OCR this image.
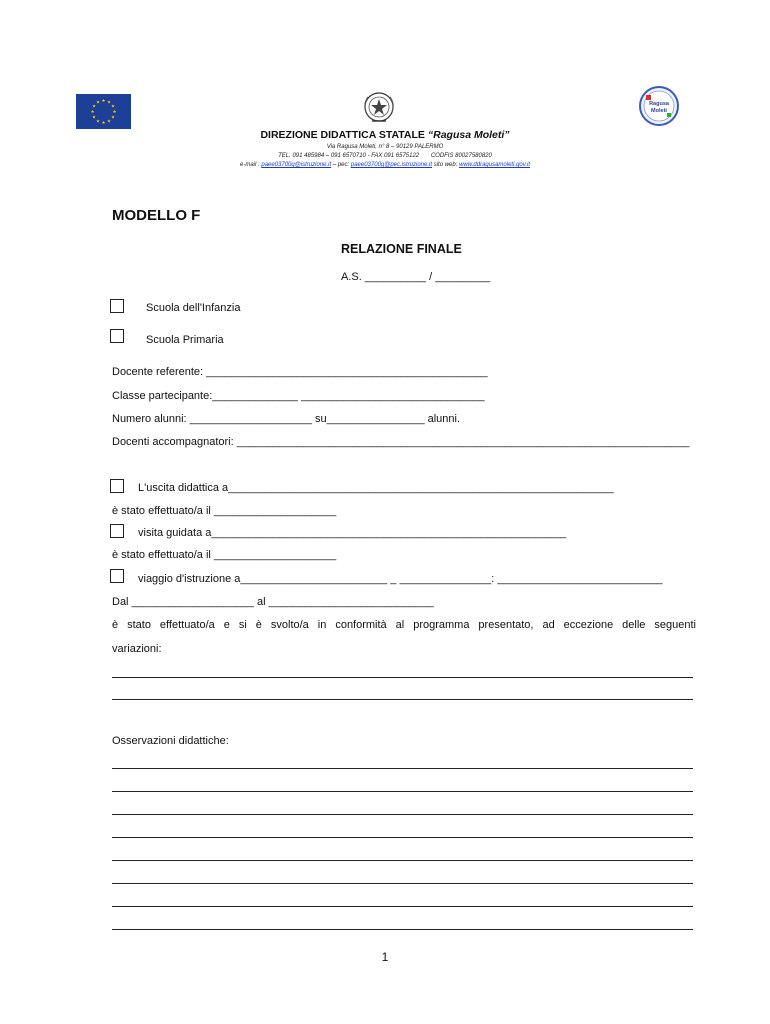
★ ★
★
★
★
★
★
★
★
★
★
★	Ragusa
Moleti
DIREZIONE DIDATTICA STATALE “Ragusa Moleti”
Via Ragusa Moleti, n° 8 – 90129 PALERMO
TEL. 091 485984 – 091 6570710 - FAX 091 6575122 CODFIS 80027580820
e-mail : paee03700g@istruzione.it – pec: paee03700g@pec.istruzione.it sito web: www.ddragusamoleti.gov.it
MODELLO F
RELAZIONE FINALE
A.S. __________ / _________
Scuola dell'Infanzia
Scuola Primaria
Docente referente: ______________________________________________
Classe partecipante:______________ ______________________________
Numero alunni: ____________________ su________________ alunni.
Docenti accompagnatori: __________________________________________________________________________
L'uscita didattica a_______________________________________________________________
è stato effettuato/a il ____________________
visita guidata a__________________________________________________________
è stato effettuato/a il ____________________
viaggio d'istruzione a________________________ _ _______________: ___________________________
Dal ____________________ al ___________________________
è stato effettuato/a e si è svolto/a in conformità al programma presentato, ad eccezione delle seguenti
variazioni:
Osservazioni didattiche:
1
